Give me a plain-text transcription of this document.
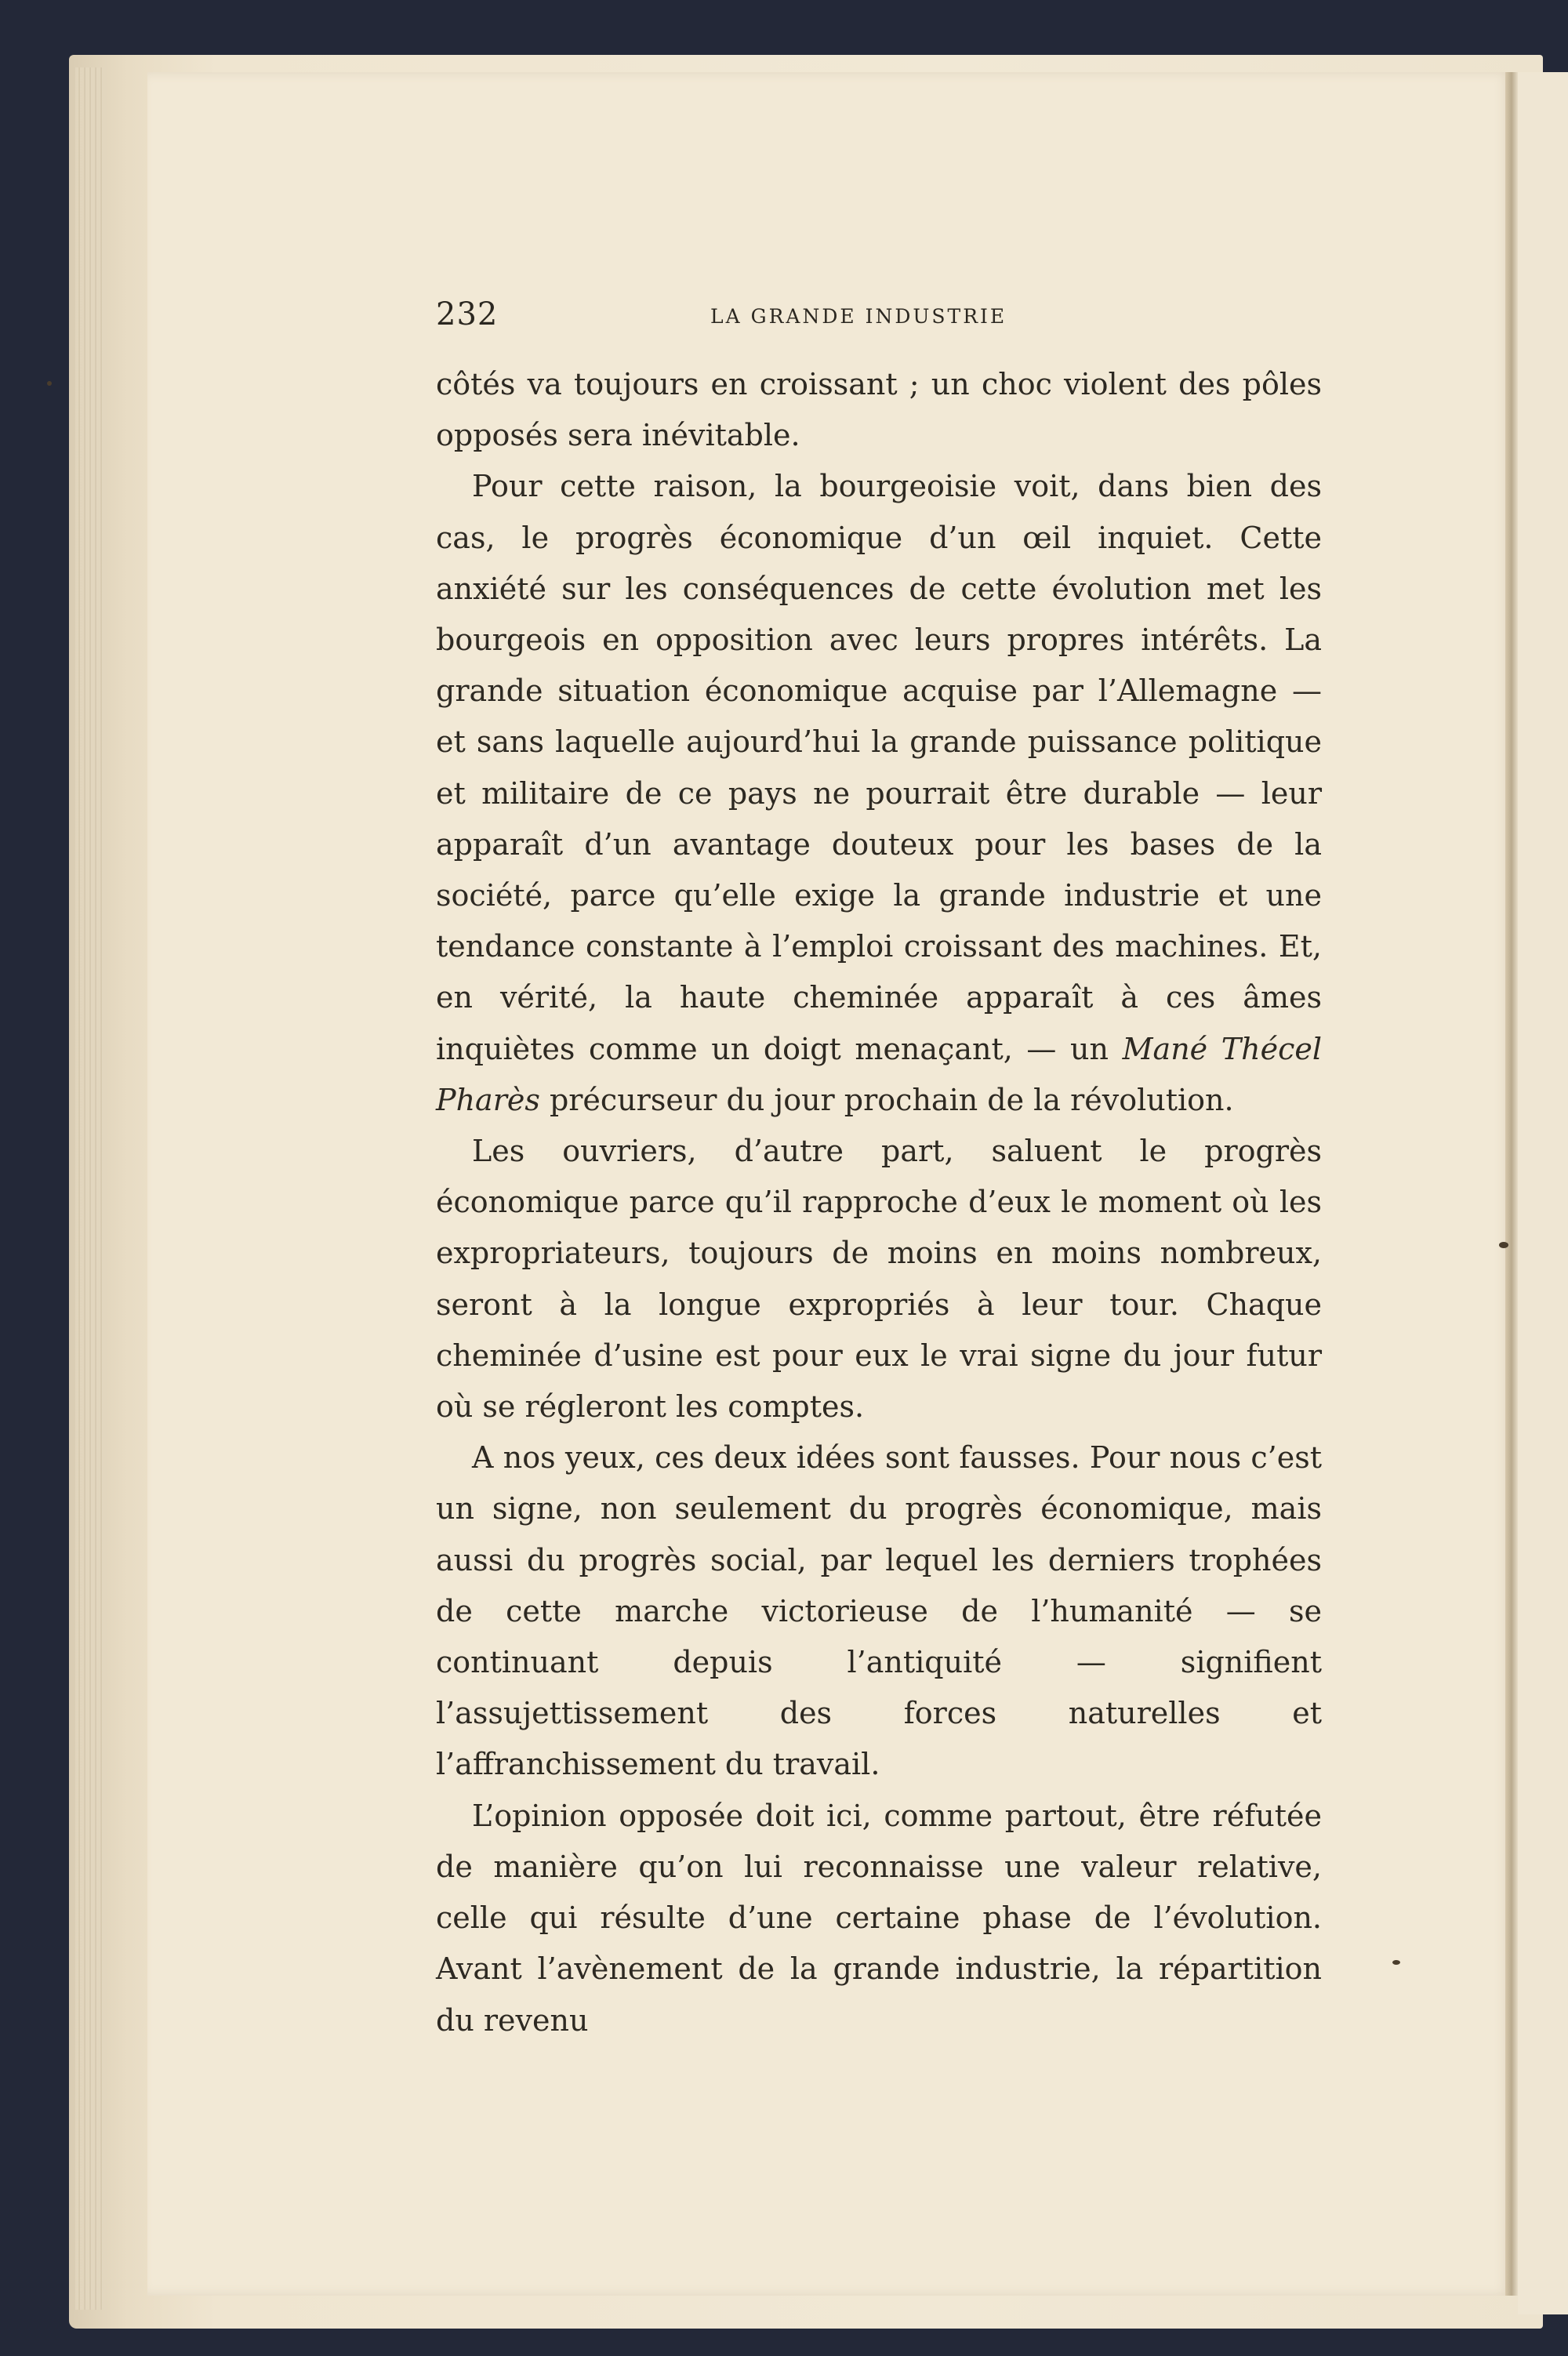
232	LA GRANDE INDUSTRIE

côtés va toujours en croissant ; un choc violent des pôles opposés sera inévitable.

Pour cette raison, la bourgeoisie voit, dans bien des cas, le progrès économique d’un œil inquiet. Cette anxiété sur les conséquences de cette évolution met les bourgeois en opposition avec leurs propres intérêts. La grande situation économique acquise par l’Allemagne — et sans laquelle aujourd’hui la grande puissance politique et militaire de ce pays ne pourrait être durable — leur apparaît d’un avantage douteux pour les bases de la société, parce qu’elle exige la grande industrie et une tendance constante à l’emploi croissant des machines. Et, en vérité, la haute cheminée apparaît à ces âmes inquiètes comme un doigt menaçant, — un Mané Thécel Pharès précurseur du jour prochain de la révolution.

Les ouvriers, d’autre part, saluent le progrès économique parce qu’il rapproche d’eux le moment où les expropriateurs, toujours de moins en moins nombreux, seront à la longue expropriés à leur tour. Chaque cheminée d’usine est pour eux le vrai signe du jour futur où se régleront les comptes.

A nos yeux, ces deux idées sont fausses. Pour nous c’est un signe, non seulement du progrès économique, mais aussi du progrès social, par lequel les derniers trophées de cette marche victorieuse de l’humanité — se continuant depuis l’antiquité — signifient l’assujettissement des forces naturelles et l’affranchissement du travail.

L’opinion opposée doit ici, comme partout, être réfutée de manière qu’on lui reconnaisse une valeur relative, celle qui résulte d’une certaine phase de l’évolution. Avant l’avènement de la grande industrie, la répartition du revenu
